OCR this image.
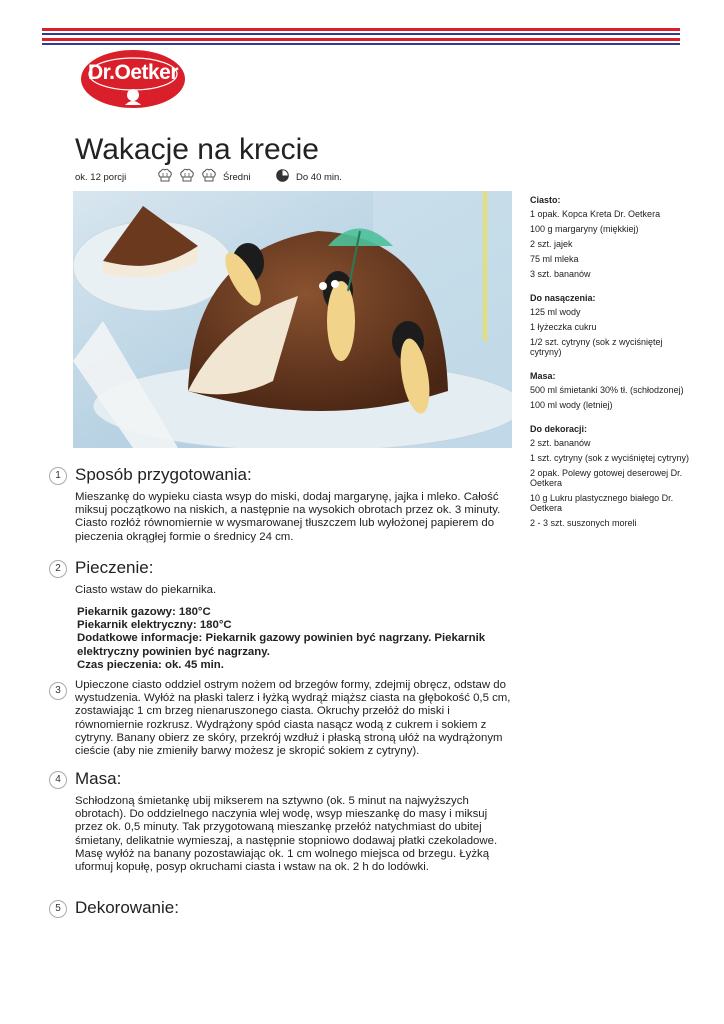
Dr.Oetker
Wakacje na krecie
ok. 12 porcji	Średni	Do 40 min.
Ciasto:
1 opak. Kopca Kreta Dr. Oetkera
100 g margaryny (miękkiej)
2 szt. jajek
75 ml mleka
3 szt. bananów
Do nasączenia:
125 ml wody
1 łyżeczka cukru
1/2 szt. cytryny (sok z wyciśniętej cytryny)
Masa:
500 ml śmietanki 30% tł. (schłodzonej)
100 ml wody (letniej)
Do dekoracji:
2 szt. bananów
1 szt. cytryny (sok z wyciśniętej cytryny)
2 opak. Polewy gotowej deserowej Dr. Oetkera
10 g Lukru plastycznego białego Dr. Oetkera
2 - 3 szt. suszonych moreli
1 Sposób przygotowania:
Mieszankę do wypieku ciasta wsyp do miski, dodaj margarynę, jajka i mleko. Całość miksuj początkowo na niskich, a następnie na wysokich obrotach przez ok. 3 minuty. Ciasto rozłóż równomiernie w wysmarowanej tłuszczem lub wyłożonej papierem do pieczenia okrągłej formie o średnicy 24 cm.
2 Pieczenie:
Ciasto wstaw do piekarnika.
Piekarnik gazowy: 180°C
Piekarnik elektryczny: 180°C
Dodatkowe informacje: Piekarnik gazowy powinien być nagrzany. Piekarnik elektryczny powinien być nagrzany.
Czas pieczenia: ok. 45 min.
3	Upieczone ciasto oddziel ostrym nożem od brzegów formy, zdejmij obręcz, odstaw do wystudzenia. Wyłóż na płaski talerz i łyżką wydrąż miąższ ciasta na głębokość 0,5 cm, zostawiając 1 cm brzeg nienaruszonego ciasta. Okruchy przełóż do miski i równomiernie rozkrusz. Wydrążony spód ciasta nasącz wodą z cukrem i sokiem z cytryny. Banany obierz ze skóry, przekrój wzdłuż i płaską stroną ułóż na wydrążonym cieście (aby nie zmieniły barwy możesz je skropić sokiem z cytryny).
4 Masa:
Schłodzoną śmietankę ubij mikserem na sztywno (ok. 5 minut na najwyższych obrotach). Do oddzielnego naczynia wlej wodę, wsyp mieszankę do masy i miksuj przez ok. 0,5 minuty. Tak przygotowaną mieszankę przełóż natychmiast do ubitej śmietany, delikatnie wymieszaj, a następnie stopniowo dodawaj płatki czekoladowe. Masę wyłóż na banany pozostawiając ok. 1 cm wolnego miejsca od brzegu. Łyżką uformuj kopułę, posyp okruchami ciasta i wstaw na ok. 2 h do lodówki.
5 Dekorowanie:
